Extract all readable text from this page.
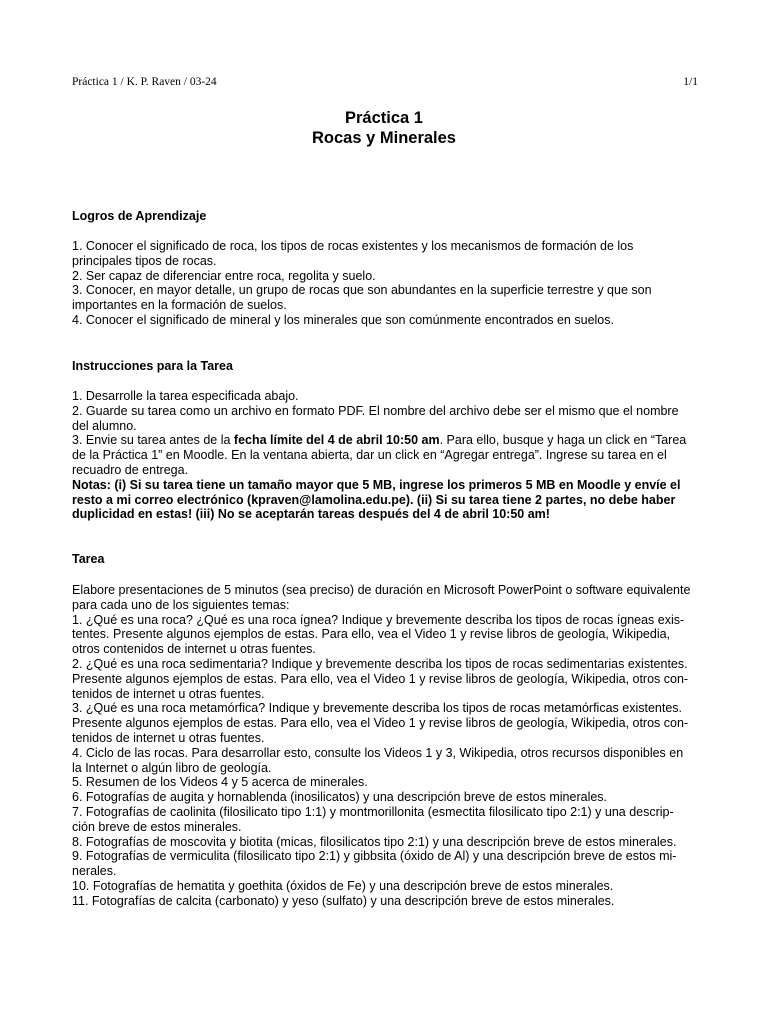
Práctica 1 / K. P. Raven / 03-24	1/1
Práctica 1
Rocas y Minerales
Logros de Aprendizaje

1. Conocer el significado de roca, los tipos de rocas existentes y los mecanismos de formación de los

principales tipos de rocas.

2. Ser capaz de diferenciar entre roca, regolita y suelo.

3. Conocer, en mayor detalle, un grupo de rocas que son abundantes en la superficie terrestre y que son

importantes en la formación de suelos.

4. Conocer el significado de mineral y los minerales que son comúnmente encontrados en suelos.

Instrucciones para la Tarea

1. Desarrolle la tarea especificada abajo.

2. Guarde su tarea como un archivo en formato PDF. El nombre del archivo debe ser el mismo que el nombre

del alumno.

3. Envie su tarea antes de la fecha límite del 4 de abril 10:50 am. Para ello, busque y haga un click en “Tarea

de la Práctica 1” en Moodle. En la ventana abierta, dar un click en “Agregar entrega”. Ingrese su tarea en el

recuadro de entrega.

Notas: (i) Si su tarea tiene un tamaño mayor que 5 MB, ingrese los primeros 5 MB en Moodle y envíe el

resto a mi correo electrónico (kpraven@lamolina.edu.pe). (ii) Si su tarea tiene 2 partes, no debe haber

duplicidad en estas! (iii) No se aceptarán tareas después del 4 de abril 10:50 am!

Tarea

Elabore presentaciones de 5 minutos (sea preciso) de duración en Microsoft PowerPoint o software equivalente

para cada uno de los siguientes temas:

1. ¿Qué es una roca? ¿Qué es una roca ígnea? Indique y brevemente describa los tipos de rocas ígneas exis-

tentes. Presente algunos ejemplos de estas. Para ello, vea el Video 1 y revise libros de geología, Wikipedia,

otros contenidos de internet u otras fuentes.

2. ¿Qué es una roca sedimentaria? Indique y brevemente describa los tipos de rocas sedimentarias existentes.

Presente algunos ejemplos de estas. Para ello, vea el Video 1 y revise libros de geología, Wikipedia, otros con-

tenidos de internet u otras fuentes.

3. ¿Qué es una roca metamórfica? Indique y brevemente describa los tipos de rocas metamórficas existentes.

Presente algunos ejemplos de estas. Para ello, vea el Video 1 y revise libros de geología, Wikipedia, otros con-

tenidos de internet u otras fuentes.

4. Ciclo de las rocas. Para desarrollar esto, consulte los Videos 1 y 3, Wikipedia, otros recursos disponibles en

la Internet o algún libro de geología.

5. Resumen de los Videos 4 y 5 acerca de minerales.

6. Fotografías de augita y hornablenda (inosilicatos) y una descripción breve de estos minerales.

7. Fotografías de caolinita (filosilicato tipo 1:1) y montmorillonita (esmectita filosilicato tipo 2:1) y una descrip-

ción breve de estos minerales.

8. Fotografías de moscovita y biotita (micas, filosilicatos tipo 2:1) y una descripción breve de estos minerales.

9. Fotografías de vermiculita (filosilicato tipo 2:1) y gibbsita (óxido de Al) y una descripción breve de estos mi-

nerales.

10. Fotografías de hematita y goethita (óxidos de Fe) y una descripción breve de estos minerales.

11. Fotografías de calcita (carbonato) y yeso (sulfato) y una descripción breve de estos minerales.
